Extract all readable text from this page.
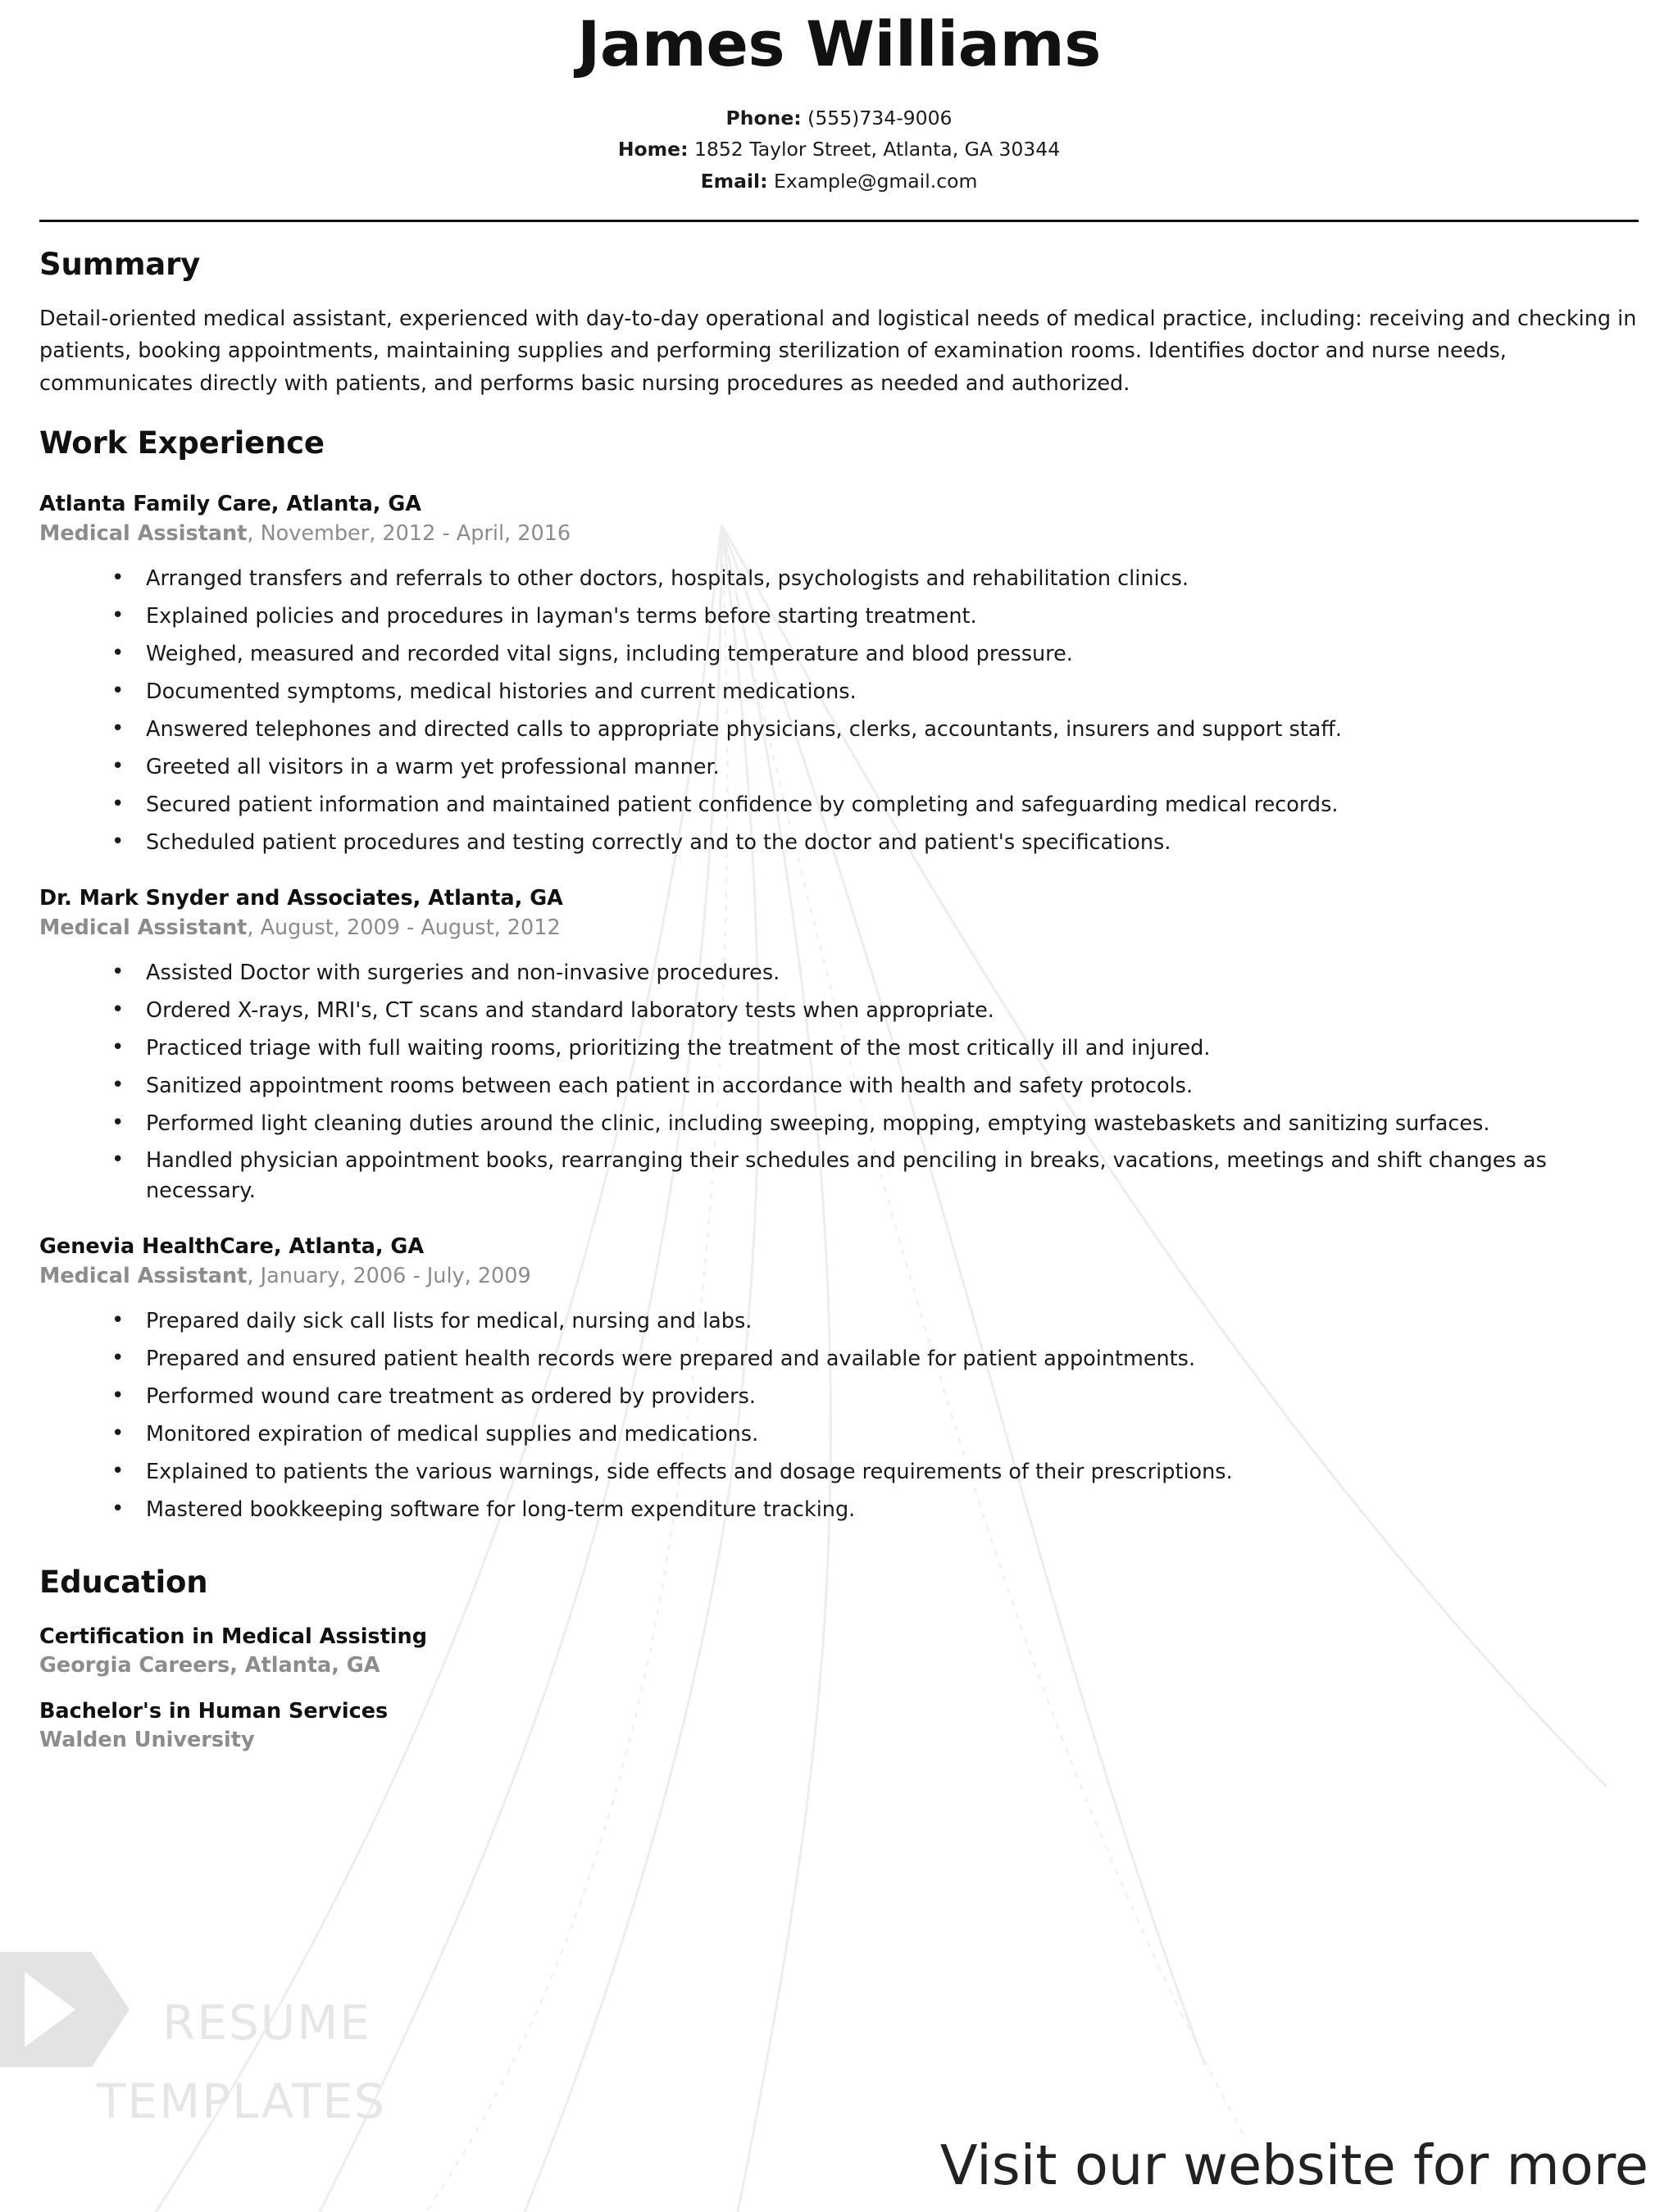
RESUME
TEMPLATES
James Williams
Phone: (555)734-9006
Home: 1852 Taylor Street, Atlanta, GA 30344
Email: Example@gmail.com
Summary

Detail-oriented medical assistant, experienced with day-to-day operational and logistical needs of medical practice, including: receiving and checking in patients, booking appointments, maintaining supplies and performing sterilization of examination rooms. Identifies doctor and nurse needs, communicates directly with patients, and performs basic nursing procedures as needed and authorized.

Work Experience

Atlanta Family Care, Atlanta, GA

Medical Assistant, November, 2012 - April, 2016

• Arranged transfers and referrals to other doctors, hospitals, psychologists and rehabilitation clinics.
• Explained policies and procedures in layman's terms before starting treatment.
• Weighed, measured and recorded vital signs, including temperature and blood pressure.
• Documented symptoms, medical histories and current medications.
• Answered telephones and directed calls to appropriate physicians, clerks, accountants, insurers and support staff.
• Greeted all visitors in a warm yet professional manner.
• Secured patient information and maintained patient confidence by completing and safeguarding medical records.
• Scheduled patient procedures and testing correctly and to the doctor and patient's specifications.

Dr. Mark Snyder and Associates, Atlanta, GA

Medical Assistant, August, 2009 - August, 2012

• Assisted Doctor with surgeries and non-invasive procedures.
• Ordered X-rays, MRI's, CT scans and standard laboratory tests when appropriate.
• Practiced triage with full waiting rooms, prioritizing the treatment of the most critically ill and injured.
• Sanitized appointment rooms between each patient in accordance with health and safety protocols.
• Performed light cleaning duties around the clinic, including sweeping, mopping, emptying wastebaskets and sanitizing surfaces.
• Handled physician appointment books, rearranging their schedules and penciling in breaks, vacations, meetings and shift changes as necessary.

Genevia HealthCare, Atlanta, GA

Medical Assistant, January, 2006 - July, 2009

• Prepared daily sick call lists for medical, nursing and labs.
• Prepared and ensured patient health records were prepared and available for patient appointments.
• Performed wound care treatment as ordered by providers.
• Monitored expiration of medical supplies and medications.
• Explained to patients the various warnings, side effects and dosage requirements of their prescriptions.
• Mastered bookkeeping software for long-term expenditure tracking.
Education

Certification in Medical Assisting

Georgia Careers, Atlanta, GA

Bachelor's in Human Services

Walden University

Visit our website for more
